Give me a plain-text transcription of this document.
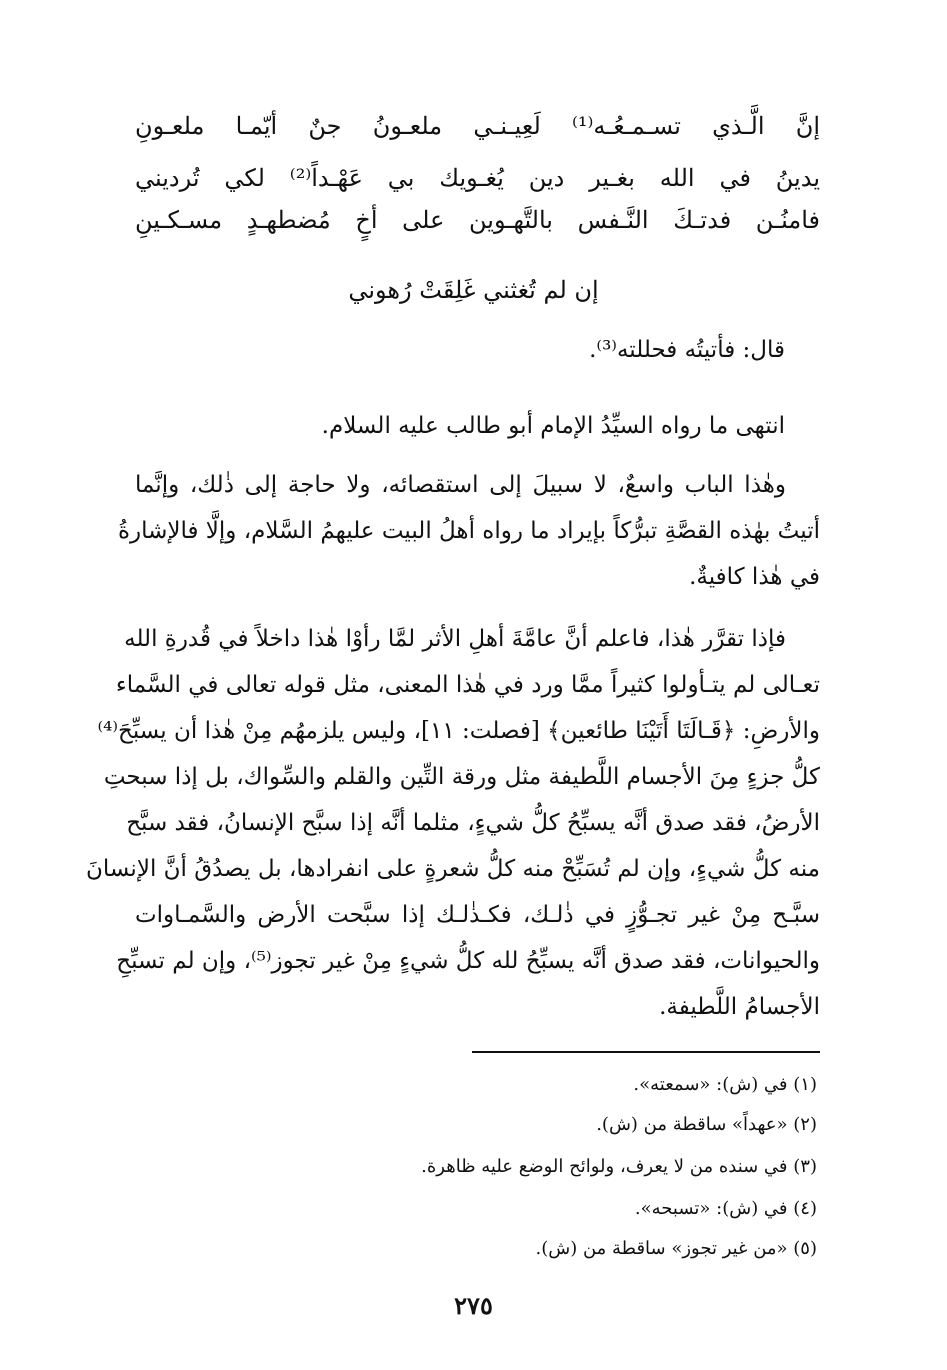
إنَّ الَّـذي تسـمـعُـه⁽¹⁾ لَعِيـنـي ملعـونُ جنٌ أيّمـا ملعـونِ
يدينُ في الله بغـير دين يُغـويك بي عَهْـداً⁽²⁾ لكي تُرديني
فامنُـن فدتـكَ النَّـفس بالتَّهـوين على أخٍ مُضطهـدٍ مسـكـينِ
إن لم تُغثني غَلِقَتْ رُهوني
قال: فأتيتُه فحللته⁽³⁾.
انتهى ما رواه السيِّدُ الإمام أبو طالب عليه السلام.
وهٰذا الباب واسعٌ، لا سبيلَ إلى استقصائه، ولا حاجة إلى ذٰلك، وإنَّما
أتيتُ بهٰذه القصَّةِ تبرُّكاً بإيراد ما رواه أهلُ البيت عليهمُ السَّلام، وإلَّا فالإشارةُ
في هٰذا كافيةٌ.
فإذا تقرَّر هٰذا، فاعلم أنَّ عامَّةَ أهلِ الأثر لمَّا رأوْا هٰذا داخلاً في قُدرةِ الله
تعـالى لم يتـأولوا كثيراً ممَّا ورد في هٰذا المعنى، مثل قوله تعالى في السَّماء
والأرضِ: ﴿قَـالَتَا أَتَيْنَا طائعين﴾ [فصلت: ١١]، وليس يلزمهُم مِنْ هٰذا أن يسبِّحَ⁽⁴⁾
كلُّ جزءٍ مِنَ الأجسام اللَّطيفة مثل ورقة التِّين والقلم والسِّواك، بل إذا سبحتِ
الأرضُ، فقد صدق أنَّه يسبِّحُ كلُّ شيءٍ، مثلما أنَّه إذا سبَّح الإنسانُ، فقد سبَّح
منه كلُّ شيءٍ، وإن لم تُسَبِّحْ منه كلُّ شعرةٍ على انفرادها، بل يصدُقُ أنَّ الإنسانَ
سبَّـح مِنْ غير تجـوُّزٍ في ذٰلـك، فكـذٰلـك إذا سبَّحت الأرض والسَّمـاوات
والحيوانات، فقد صدق أنَّه يسبِّحُ لله كلُّ شيءٍ مِنْ غير تجوز⁽⁵⁾، وإن لم تسبِّحِ
الأجسامُ اللَّطيفة.
(١) في (ش): «سمعته».
(٢) «عهداً» ساقطة من (ش).
(٣) في سنده من لا يعرف، ولوائح الوضع عليه ظاهرة.
(٤) في (ش): «تسبحه».
(٥) «من غير تجوز» ساقطة من (ش).
٢٧٥
